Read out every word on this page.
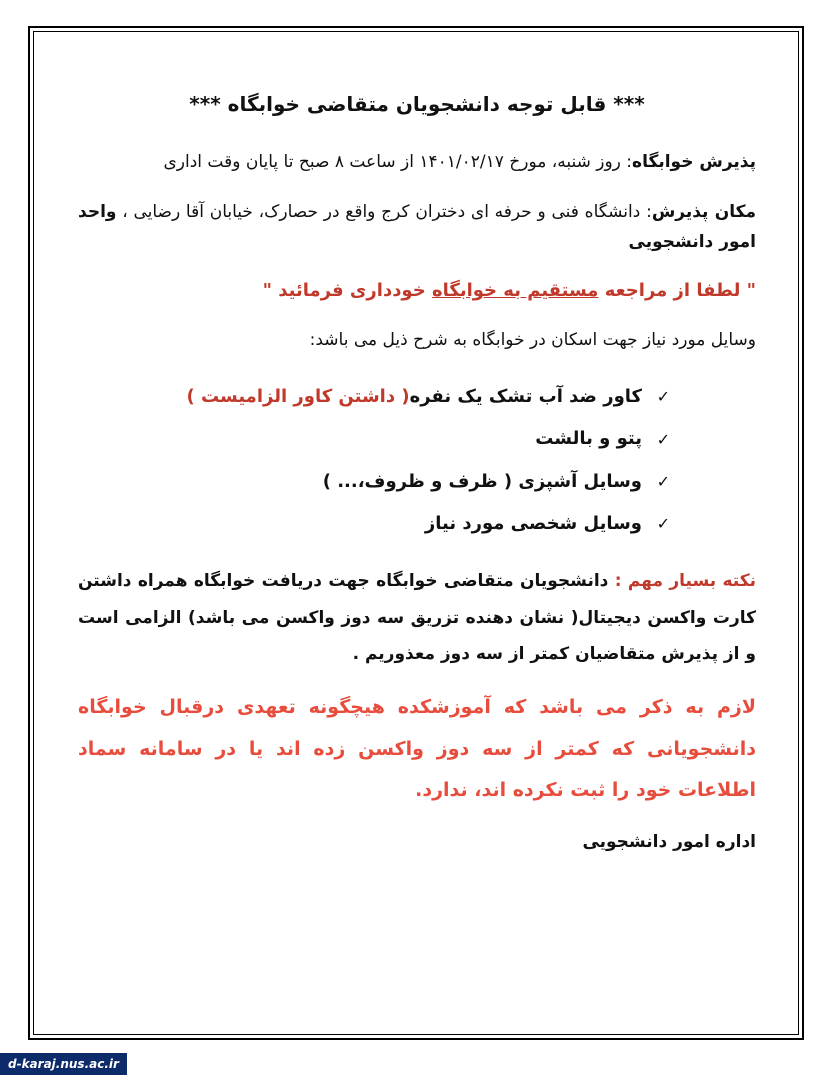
*** قابل توجه دانشجویان متقاضی خوابگاه ***
پذیرش خوابگاه: روز شنبه، مورخ ۱۴۰۱/۰۲/۱۷ از ساعت ۸ صبح تا پایان وقت اداری
مکان پذیرش: دانشگاه فنی و حرفه ای دختران کرج واقع در حصارک، خیابان آقا رضایی ، واحد امور دانشجویی
" لطفا از مراجعه مستقیم به خوابگاه خودداری فرمائید "
وسایل مورد نیاز جهت اسکان در خوابگاه به شرح ذیل می باشد:
✓
کاور ضد آب تشک یک نفره
( داشتن کاور الزامیست )
✓
پتو و بالشت
✓
وسایل آشپزی ( ظرف و ظروف،... )
✓
وسایل شخصی مورد نیاز
نکته بسیار مهم : دانشجویان متقاضی خوابگاه جهت دریافت خوابگاه همراه داشتن کارت واکسن دیجیتال( نشان دهنده تزریق سه دوز واکسن می باشد) الزامی است و از پذیرش متقاضیان کمتر از سه دوز معذوریم .
لازم به ذکر می باشد که آموزشکده هیچگونه تعهدی درقبال خوابگاه دانشجویانی که کمتر از سه دوز واکسن زده اند یا در سامانه سماد اطلاعات خود را ثبت نکرده اند، ندارد.
اداره امور دانشجویی
d-karaj.nus.ac.ir
